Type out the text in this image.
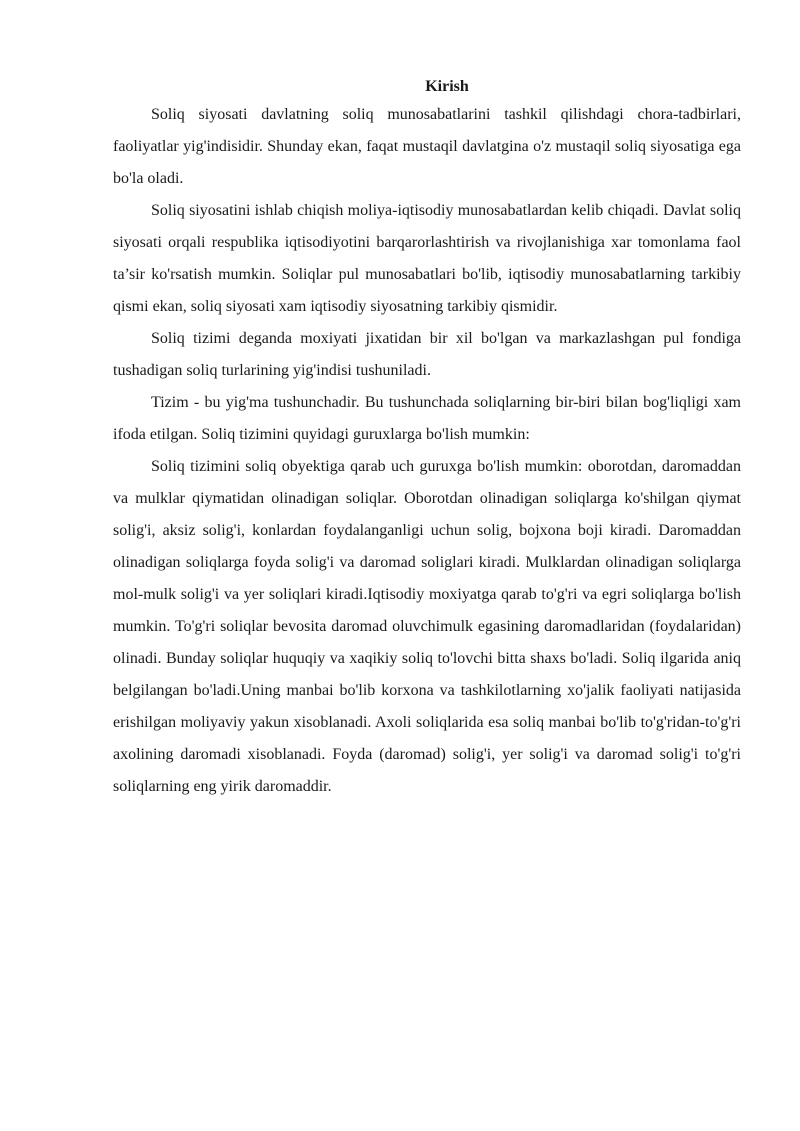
Kirish

Soliq siyosati davlatning soliq munosabatlarini tashkil qilishdagi chora-tadbirlari, faoliyatlar yig'indisidir. Shunday ekan, faqat mustaqil davlatgina o'z mustaqil soliq siyosatiga ega bo'la oladi.

Soliq siyosatini ishlab chiqish moliya-iqtisodiy munosabatlardan kelib chiqadi. Davlat soliq siyosati orqali respublika iqtisodiyotini barqarorlashtirish va rivojlanishiga xar tomonlama faol ta’sir ko'rsatish mumkin. Soliqlar pul munosabatlari bo'lib, iqtisodiy munosabatlarning tarkibiy qismi ekan, soliq siyosati xam iqtisodiy siyosatning tarkibiy qismidir.

Soliq tizimi deganda moxiyati jixatidan bir xil bo'lgan va markazlashgan pul fondiga tushadigan soliq turlarining yig'indisi tushuniladi.

Tizim - bu yig'ma tushunchadir. Bu tushunchada soliqlarning bir-biri bilan bog'liqligi xam ifoda etilgan. Soliq tizimini quyidagi guruxlarga bo'lish mumkin:

Soliq tizimini soliq obyektiga qarab uch guruxga bo'lish mumkin: oborotdan, daromaddan va mulklar qiymatidan olinadigan soliqlar. Oborotdan olinadigan soliqlarga ko'shilgan qiymat solig'i, aksiz solig'i, konlardan foydalanganligi uchun solig, bojxona boji kiradi. Daromaddan olinadigan soliqlarga foyda solig'i va daromad soliglari kiradi. Mulklardan olinadigan soliqlarga mol-mulk solig'i va yer soliqlari kiradi.Iqtisodiy moxiyatga qarab to'g'ri va egri soliqlarga bo'lish mumkin. To'g'ri soliqlar bevosita daromad oluvchimulk egasining daromadlaridan (foydalaridan) olinadi. Bunday soliqlar huquqiy va xaqikiy soliq to'lovchi bitta shaxs bo'ladi. Soliq ilgarida aniq belgilangan bo'ladi.Uning manbai bo'lib korxona va tashkilotlarning xo'jalik faoliyati natijasida erishilgan moliyaviy yakun xisoblanadi. Axoli soliqlarida esa soliq manbai bo'lib to'g'ridan-to'g'ri axolining daromadi xisoblanadi. Foyda (daromad) solig'i, yer solig'i va daromad solig'i to'g'ri soliqlarning eng yirik daromaddir.
